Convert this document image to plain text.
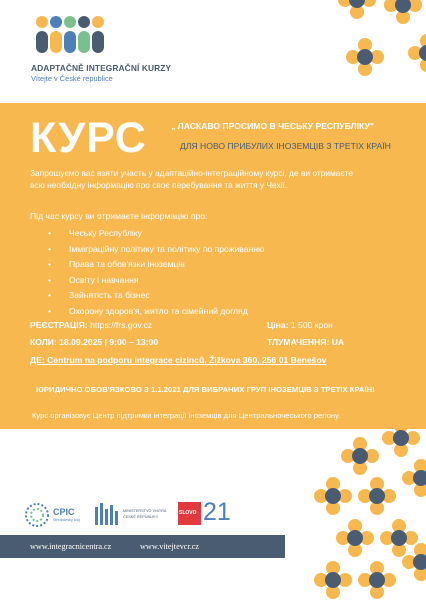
ADAPTAČNĚ INTEGRAČNÍ KURZY
Vítejte v České republice
КУРС	„ ЛАСКАВО ПРОСИМО В ЧЕСЬКУ РЕСПУБЛІКУ"
ДЛЯ НОВО ПРИБУЛИХ ІНОЗЕМЦІВ З ТРЕТІХ КРАЇН
Запрошуємо вас взяти участь у адаптаційно-інтеграційному курсі, де ви отримаєте
всю необхідну інформацію про своє перебування та життя у Чехії.
Під час курсу ви отримаєте інформацію про:
• Чеську Республіку
• Імміграційну політику та політику по проживанню
• Права та обов'язки іноземців
• Освіту і навчання
• Зайнятість та бізнес
• Охорону здоров'я, житло та сімейний догляд
РЕЄСТРАЦІЯ: https://frs.gov.cz	Ціна: 1 500 крон
КОЛИ: 18.09.2025 | 9:00 – 13:00	ТЛУМАЧЕННЯ: UA
ДЕ: Centrum na podporu integrace cizinců, Žižkova 360, 256 01 Benešov
ЮРИДИЧНО ОБОВ'ЯЗКОВО З 1.1.2021 ДЛЯ ВИБРАНИХ ГРУП ІНОЗЕМЦІВ З ТРЕТІХ КРАЇН!
Курс організовує Центр підтримки інтеграції іноземців для Центральночеського регіону.
CPIC
Středočeský kraj
MINISTERSTVO VNITRA
ČESKÉ REPUBLIKY
SLOVO 21
www.integracnicentra.cz	www.vitejtevcr.cz
